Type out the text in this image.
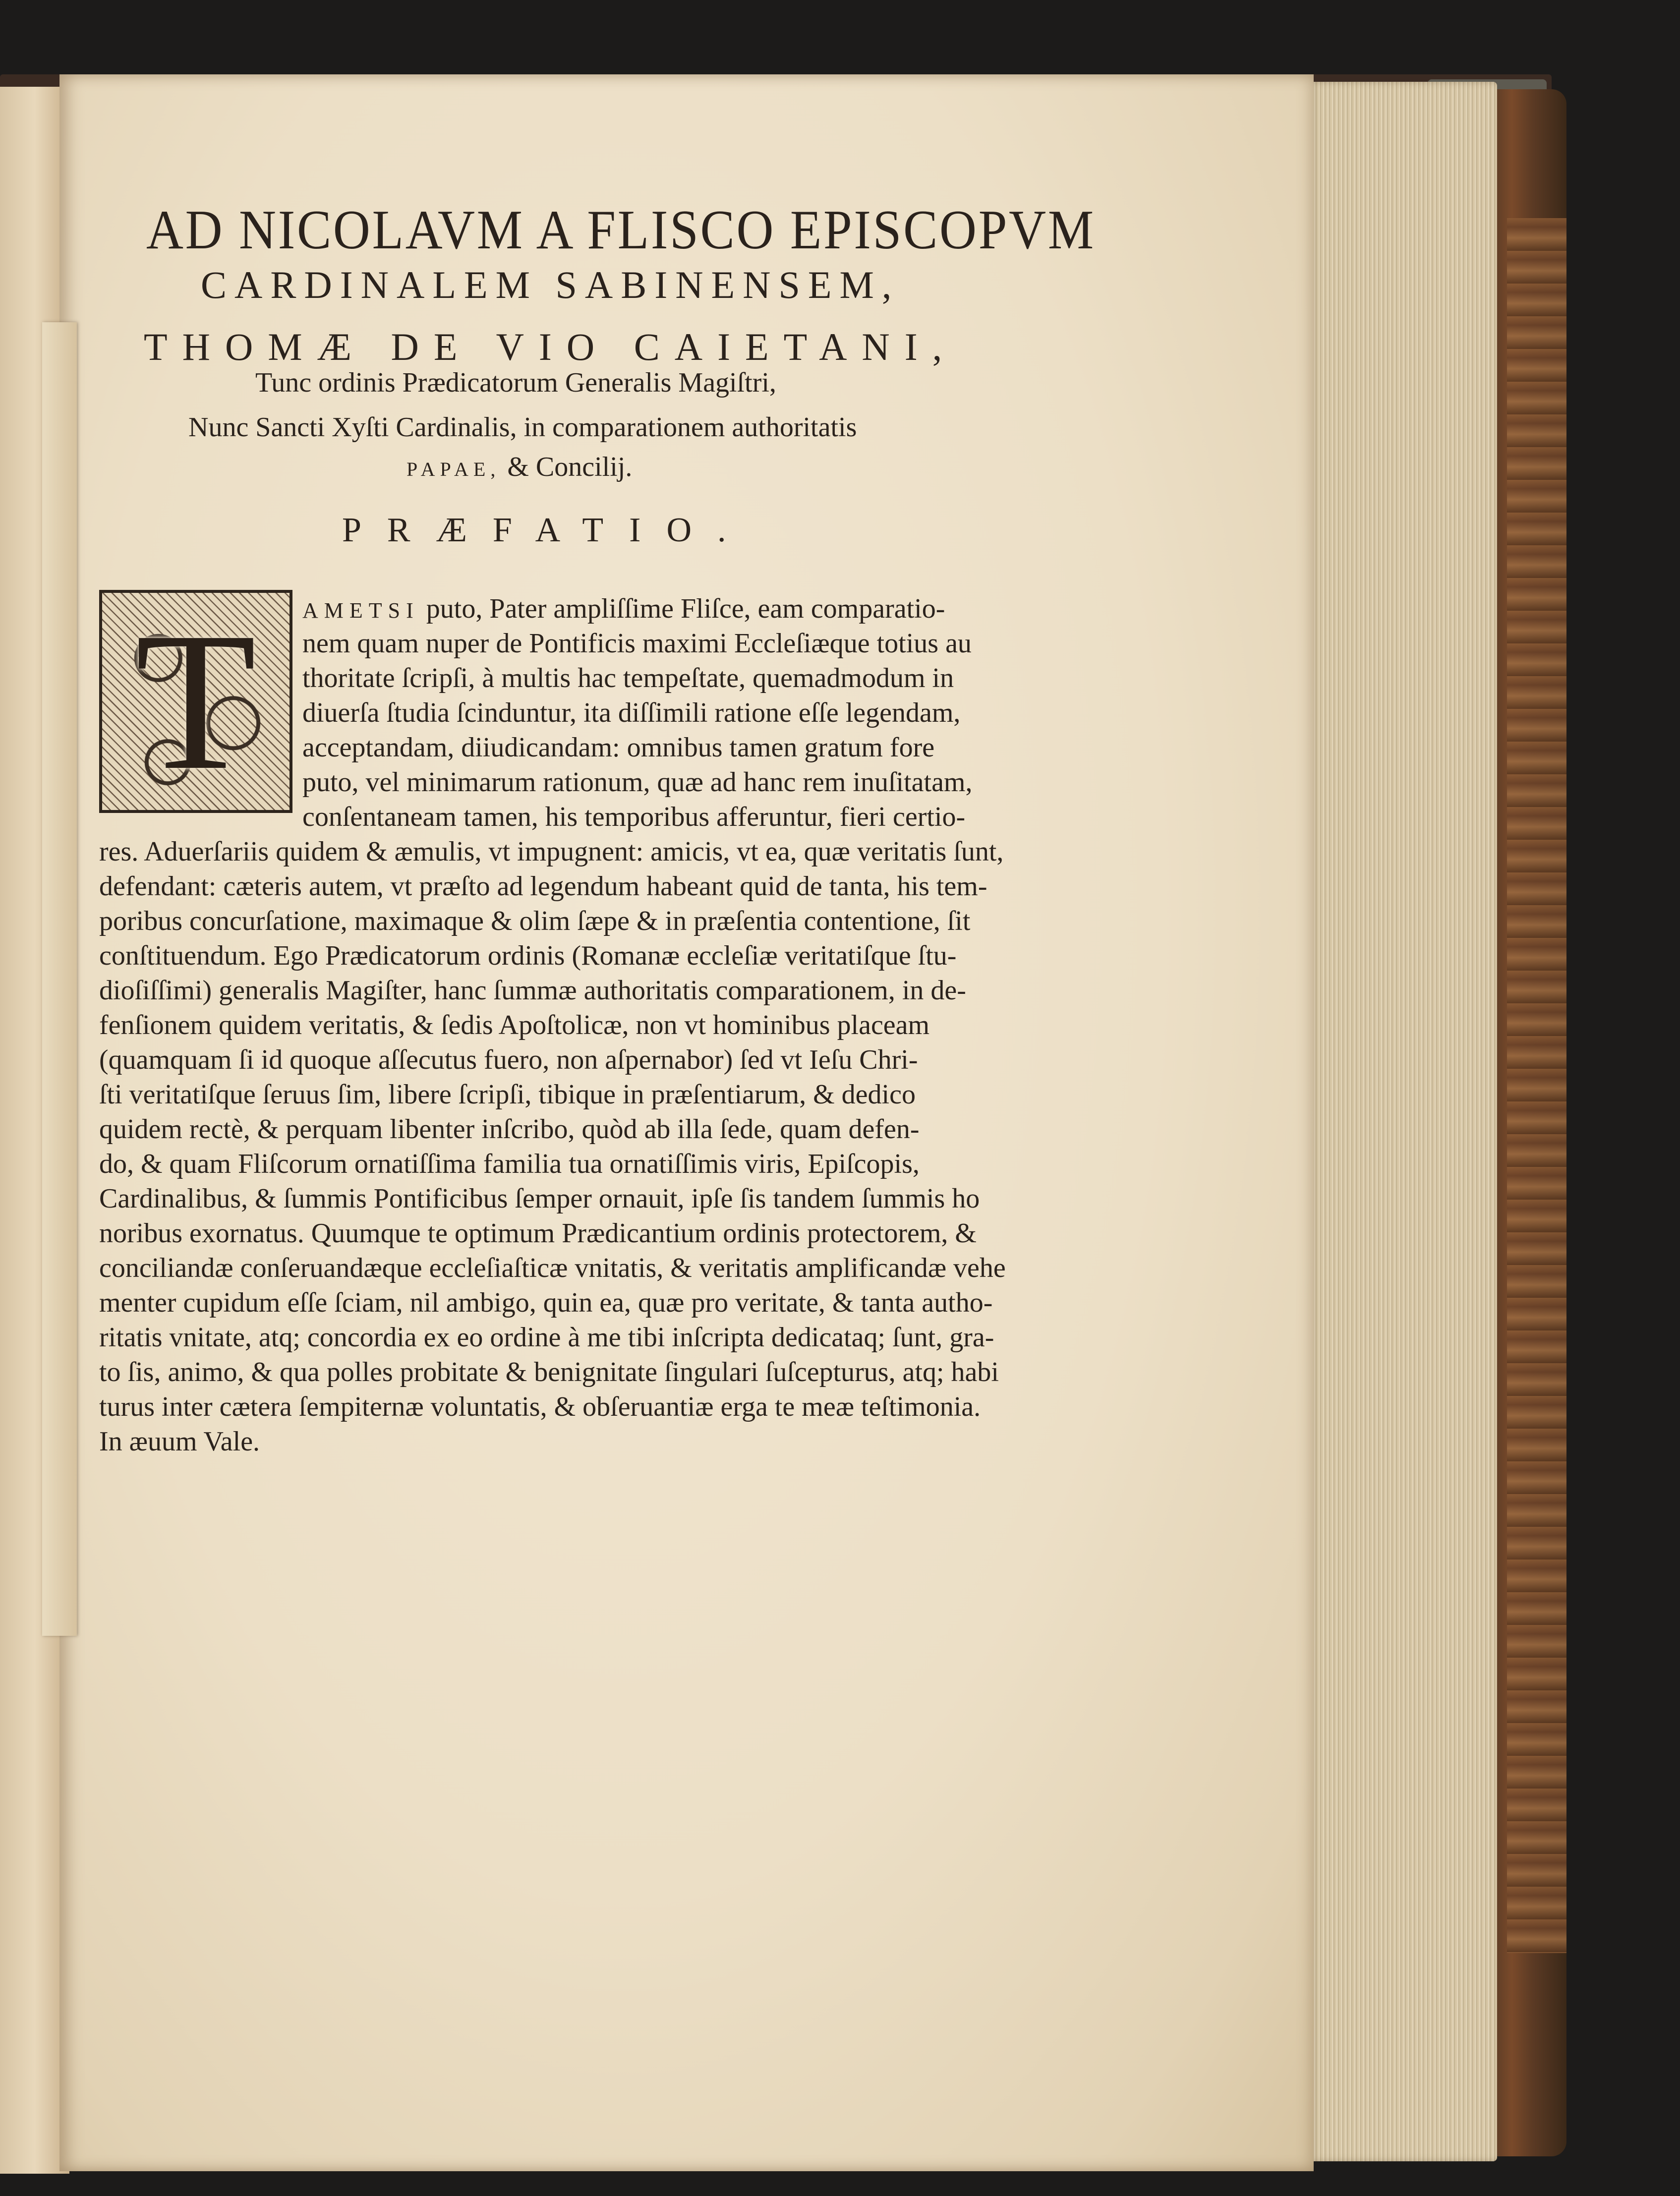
AD NICOLAVM A FLISCO EPISCOPVM
CARDINALEM SABINENSEM,
THOMÆ DE VIO CAIETANI,
Tunc ordinis Prædicatorum Generalis Magiſtri,
Nunc Sancti Xyſti Cardinalis, in comparationem authoritatis
PAPAE, & Concilij.
PRÆFATIO.
T	AMETSI puto, Pater ampliſſime Fliſce, eam comparatio-
nem quam nuper de Pontificis maximi Eccleſiæque totius au
thoritate ſcripſi, à multis hac tempeſtate, quemadmodum in
diuerſa ſtudia ſcinduntur, ita diſſimili ratione eſſe legendam,
acceptandam, diiudicandam: omnibus tamen gratum fore
puto, vel minimarum rationum, quæ ad hanc rem inuſitatam,
conſentaneam tamen, his temporibus afferuntur, fieri certio-
res. Aduerſariis quidem & æmulis, vt impugnent: amicis, vt ea, quæ veritatis ſunt,
defendant: cæteris autem, vt præſto ad legendum habeant quid de tanta, his tem-
poribus concurſatione, maximaque & olim ſæpe & in præſentia contentione, ſit
conſtituendum. Ego Prædicatorum ordinis (Romanæ eccleſiæ veritatiſque ſtu-
dioſiſſimi) generalis Magiſter, hanc ſummæ authoritatis comparationem, in de-
fenſionem quidem veritatis, & ſedis Apoſtolicæ, non vt hominibus placeam
(quamquam ſi id quoque aſſecutus fuero, non aſpernabor) ſed vt Ieſu Chri-
ſti veritatiſque ſeruus ſim, libere ſcripſi, tibique in præſentiarum, & dedico
quidem rectè, & perquam libenter inſcribo, quòd ab illa ſede, quam defen-
do, & quam Fliſcorum ornatiſſima familia tua ornatiſſimis viris, Epiſcopis,
Cardinalibus, & ſummis Pontificibus ſemper ornauit, ipſe ſis tandem ſummis ho
noribus exornatus. Quumque te optimum Prædicantium ordinis protectorem, &
conciliandæ conſeruandæque eccleſiaſticæ vnitatis, & veritatis amplificandæ vehe
menter cupidum eſſe ſciam, nil ambigo, quin ea, quæ pro veritate, & tanta autho-
ritatis vnitate, atq; concordia ex eo ordine à me tibi inſcripta dedicataq; ſunt, gra-
to ſis, animo, & qua polles probitate & benignitate ſingulari ſuſcepturus, atq; habi
turus inter cætera ſempiternæ voluntatis, & obſeruantiæ erga te meæ teſtimonia.
In æuum Vale.
